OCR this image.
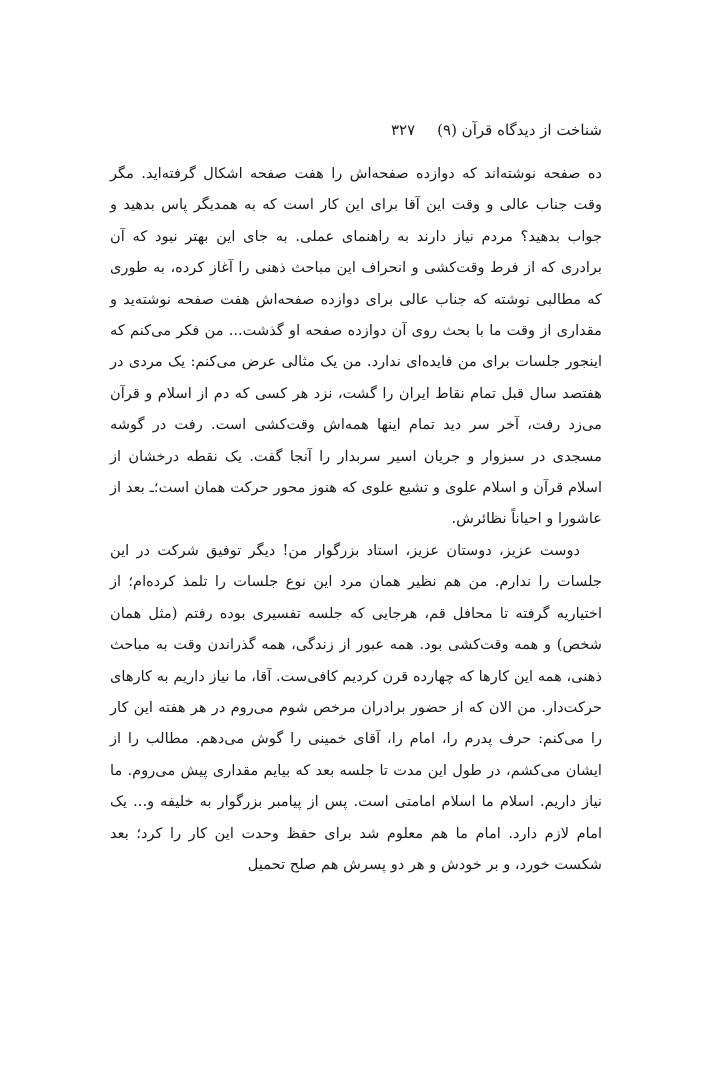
شناخت از دیدگاه قرآن (۹)
۳۲۷

ده صفحه نوشته‌اند که دوازده صفحه‌اش را هفت صفحه اشکال گرفته‌اید. مگر وقت جناب عالی و وقت این آقا برای این کار است که به همدیگر پاس بدهید و جواب بدهید؟ مردم نیاز دارند به راهنمای عملی. به جای این بهتر نبود که آن برادری که از فرط وقت‌کشی و انحراف این مباحث ذهنی را آغاز کرده، به طوری که مطالبی نوشته که جناب عالی برای دوازده صفحه‌اش هفت صفحه نوشته‌ید و مقداری از وقت ما با بحث روی آن دوازده صفحه او گذشت... من فکر می‌کنم که اینجور جلسات برای من فایده‌ای ندارد. من یک مثالی عرض می‌کنم: یک مردی در هفتصد سال قبل تمام نقاط ایران را گشت، نزد هر کسی که دم از اسلام و قرآن می‌زد رفت، آخر سر دید تمام اینها همه‌اش وقت‌کشی است. رفت در گوشه مسجدی در سبزوار و جریان اسیر سربدار را آنجا گفت. یک نقطه درخشان از اسلام قرآن و اسلام علوی و تشیع علوی که هنوز محور حرکت همان است؛ـ بعد از عاشورا و احیاناً نظائرش.

دوست عزیز، دوستان عزیز، استاد بزرگوار من! دیگر توفیق شرکت در این جلسات را ندارم. من هم نظیر همان مرد این نوع جلسات را تلمذ کرده‌ام؛ از اختیاریه گرفته تا محافل قم، هرجایی که جلسه تفسیری بوده رفتم (مثل همان شخص) و همه وقت‌کشی بود. همه عبور از زندگی، همه گذراندن وقت به مباحث ذهنی، همه این کارها که چهارده قرن کردیم کافی‌ست. آقا، ما نیاز داریم به کارهای حرکت‌دار. من الان که از حضور برادران مرخص شوم می‌روم در هر هفته این کار را می‌کنم: حرف پدرم را، امام را، آقای خمینی را گوش می‌دهم. مطالب را از ایشان می‌کشم، در طول این مدت تا جلسه بعد که بیایم مقداری پیش می‌روم. ما نیاز داریم. اسلام ما اسلام امامتی است. پس از پیامبر بزرگوار به خلیفه و... یک امام لازم دارد. امام ما هم معلوم شد برای حفظ وحدت این کار را کرد؛ بعد شکست خورد، و بر خودش و هر دو پسرش هم صلح تحمیل
